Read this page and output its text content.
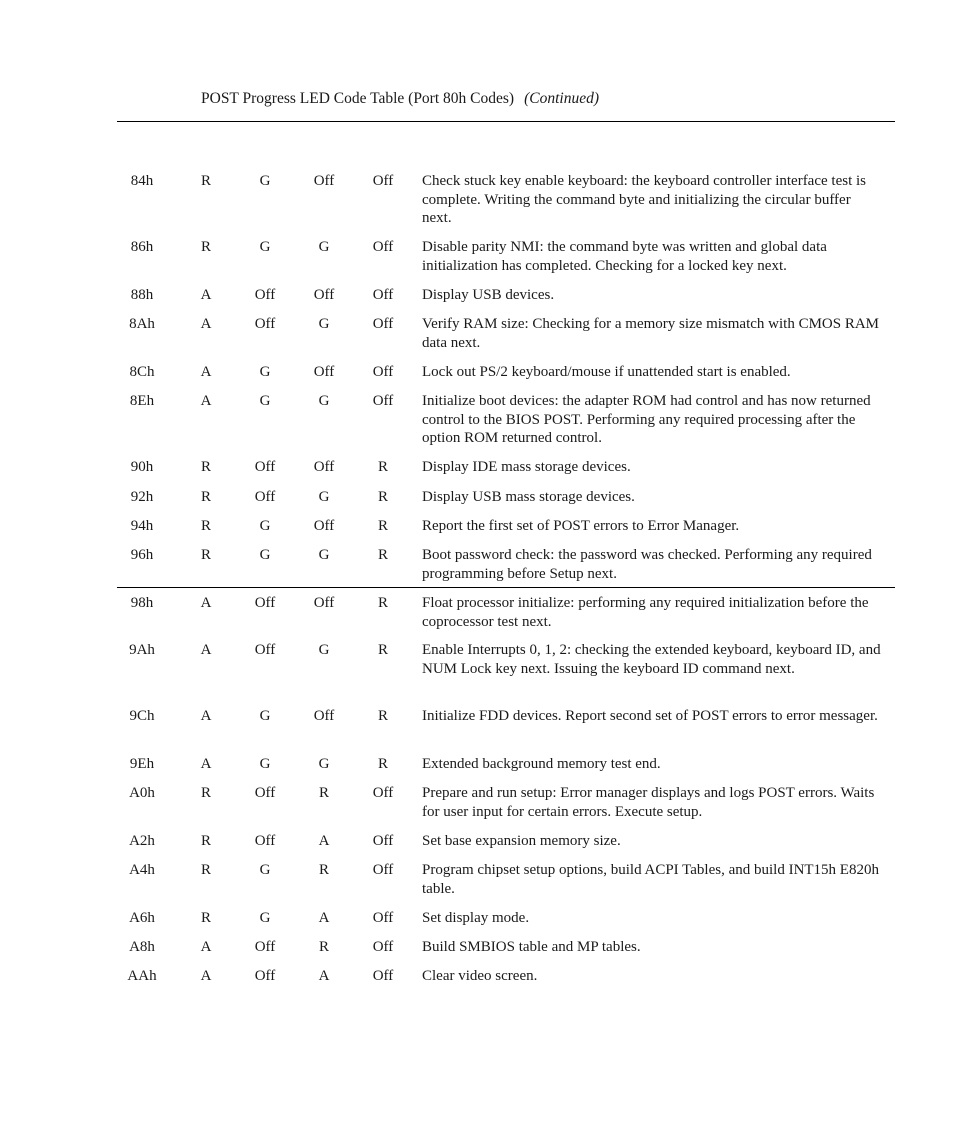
POST Progress LED Code Table (Port 80h Codes) (Continued)
84h	R	G	Off	Off	Check stuck key enable keyboard: the keyboard controller interface test is complete. Writing the command byte and initializing the circular buffer next.
86h	R	G	G	Off	Disable parity NMI: the command byte was written and global data initialization has completed. Checking for a locked key next.
88h	A	Off	Off	Off	Display USB devices.
8Ah	A	Off	G	Off	Verify RAM size: Checking for a memory size mismatch with CMOS RAM data next.
8Ch	A	G	Off	Off	Lock out PS/2 keyboard/mouse if unattended start is enabled.
8Eh	A	G	G	Off	Initialize boot devices: the adapter ROM had control and has now returned control to the BIOS POST. Performing any required processing after the option ROM returned control.
90h	R	Off	Off	R	Display IDE mass storage devices.
92h	R	Off	G	R	Display USB mass storage devices.
94h	R	G	Off	R	Report the first set of POST errors to Error Manager.
96h	R	G	G	R	Boot password check: the password was checked. Performing any required programming before Setup next.
98h	A	Off	Off	R	Float processor initialize: performing any required initialization before the coprocessor test next.
9Ah	A	Off	G	R	Enable Interrupts 0, 1, 2: checking the extended keyboard, keyboard ID, and NUM Lock key next. Issuing the keyboard ID command next.
9Ch	A	G	Off	R	Initialize FDD devices. Report second set of POST errors to error messager.
9Eh	A	G	G	R	Extended background memory test end.
A0h	R	Off	R	Off	Prepare and run setup: Error manager displays and logs POST errors. Waits for user input for certain errors. Execute setup.
A2h	R	Off	A	Off	Set base expansion memory size.
A4h	R	G	R	Off	Program chipset setup options, build ACPI Tables, and build INT15h E820h table.
A6h	R	G	A	Off	Set display mode.
A8h	A	Off	R	Off	Build SMBIOS table and MP tables.
AAh	A	Off	A	Off	Clear video screen.
